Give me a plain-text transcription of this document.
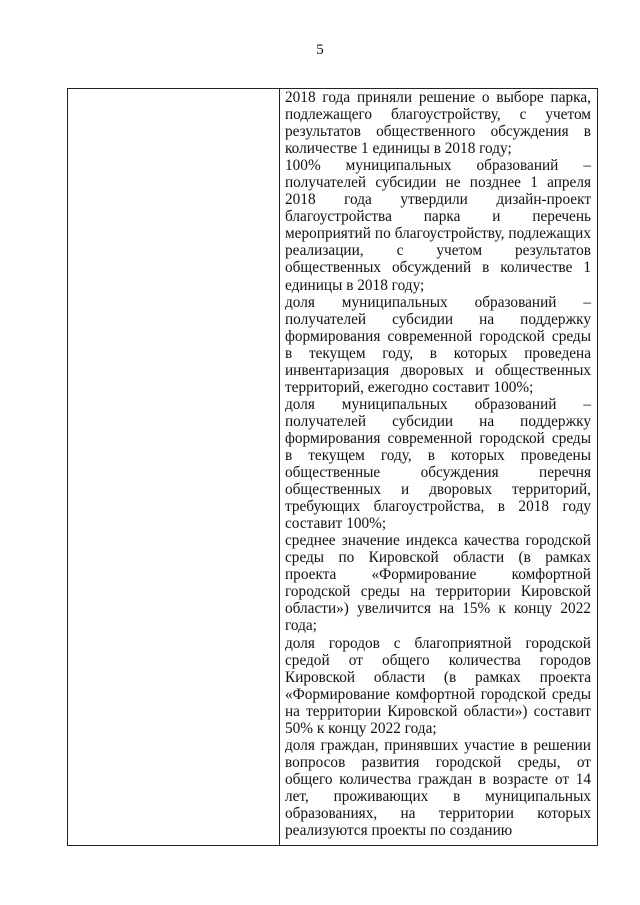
5

2018 года приняли решение о выборе парка, подлежащего благоустройству, с учетом результатов общественного обсуждения в количестве 1 единицы в 2018 году;

100% муниципальных образований – получателей субсидии не позднее 1 апреля 2018 года утвердили дизайн-проект благоустройства парка и перечень мероприятий по благоустройству, подлежащих реализации, с учетом результатов общественных обсуждений в количестве 1 единицы в 2018 году;

доля муниципальных образований – получателей субсидии на поддержку формирования современной городской среды в текущем году, в которых проведена инвентаризация дворовых и общественных территорий, ежегодно составит 100%;

доля муниципальных образований – получателей субсидии на поддержку формирования современной городской среды в текущем году, в которых проведены общественные обсуждения перечня общественных и дворовых территорий, требующих благоустройства, в 2018 году составит 100%;

среднее значение индекса качества городской среды по Кировской области (в рамках проекта «Формирование комфортной городской среды на территории Кировской области») увеличится на 15% к концу 2022 года;

доля городов с благоприятной городской средой от общего количества городов Кировской области (в рамках проекта «Формирование комфортной городской среды на территории Кировской области») составит 50% к концу 2022 года;

доля граждан, принявших участие в решении вопросов развития городской среды, от общего количества граждан в возрасте от 14 лет, проживающих в муниципальных образованиях, на территории которых реализуются проекты по созданию
